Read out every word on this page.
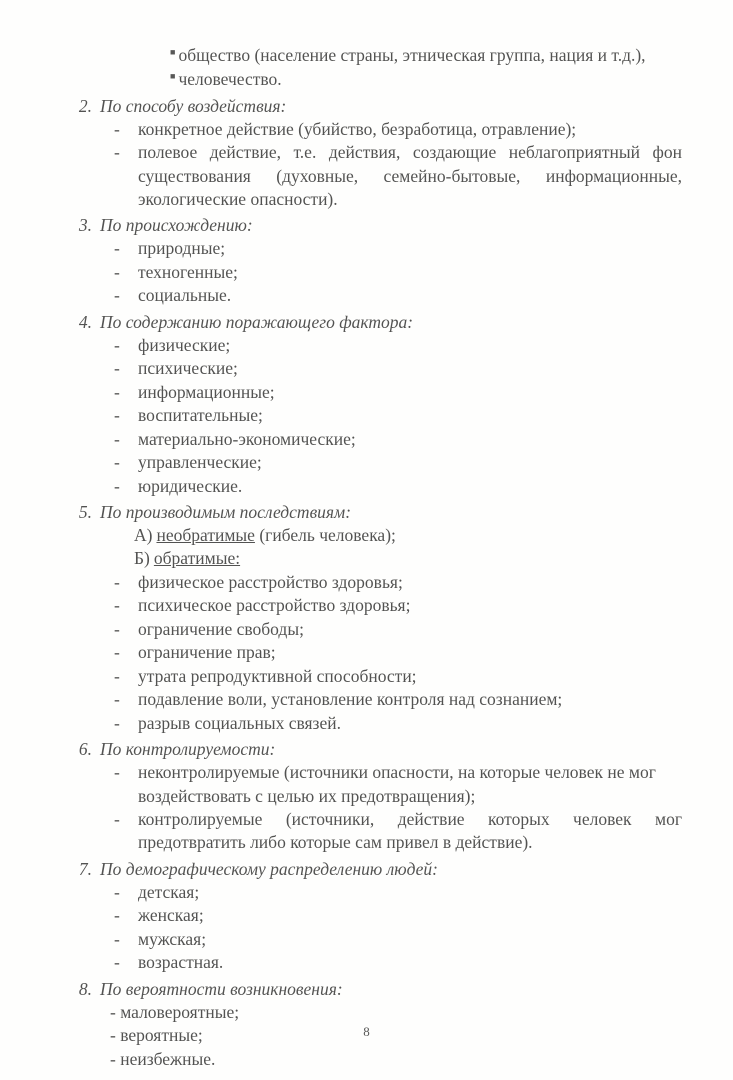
■ общество (население страны, этническая группа, нация и т.д.),
■ человечество.
2. По способу воздействия:
-	конкретное действие (убийство, безработица, отравление);
-	полевое действие, т.е. действия, создающие неблагоприятный фон существования (духовные, семейно-бытовые, информационные, экологические опасности).
3. По происхождению:
-	природные;
-	техногенные;
-	социальные.
4. По содержанию поражающего фактора:
-	физические;
-	психические;
-	информационные;
-	воспитательные;
-	материально-экономические;
-	управленческие;
-	юридические.
5. По производимым последствиям:
А) необратимые (гибель человека);
Б) обратимые:
-	физическое расстройство здоровья;
-	психическое расстройство здоровья;
-	ограничение свободы;
-	ограничение прав;
-	утрата репродуктивной способности;
-	подавление воли, установление контроля над сознанием;
-	разрыв социальных связей.
6. По контролируемости:
-	неконтролируемые (источники опасности, на которые человек не мог воздействовать с целью их предотвращения);
-	контролируемые (источники, действие которых человек мог предотвратить либо которые сам привел в действие).
7. По демографическому распределению людей:
-	детская;
-	женская;
-	мужская;
-	возрастная.
8. По вероятности возникновения:
- маловероятные;
- вероятные;
- неизбежные.
8
